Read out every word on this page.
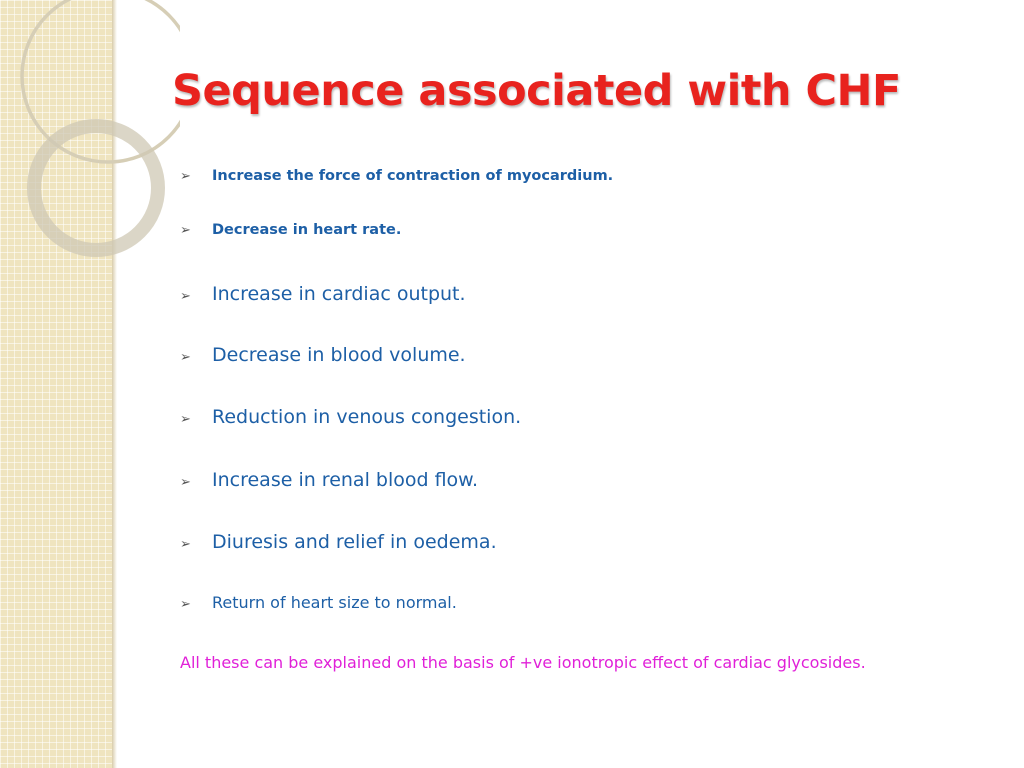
Sequence associated with CHF
➢	Increase the force of contraction of myocardium.
➢	Decrease in heart rate.
➢	Increase in cardiac output.
➢	Decrease in blood volume.
➢	Reduction in venous congestion.
➢	Increase in renal blood flow.
➢	Diuresis and relief in oedema.
➢	Return of heart size to normal.

All these can be explained on the basis of +ve ionotropic effect of cardiac glycosides.
